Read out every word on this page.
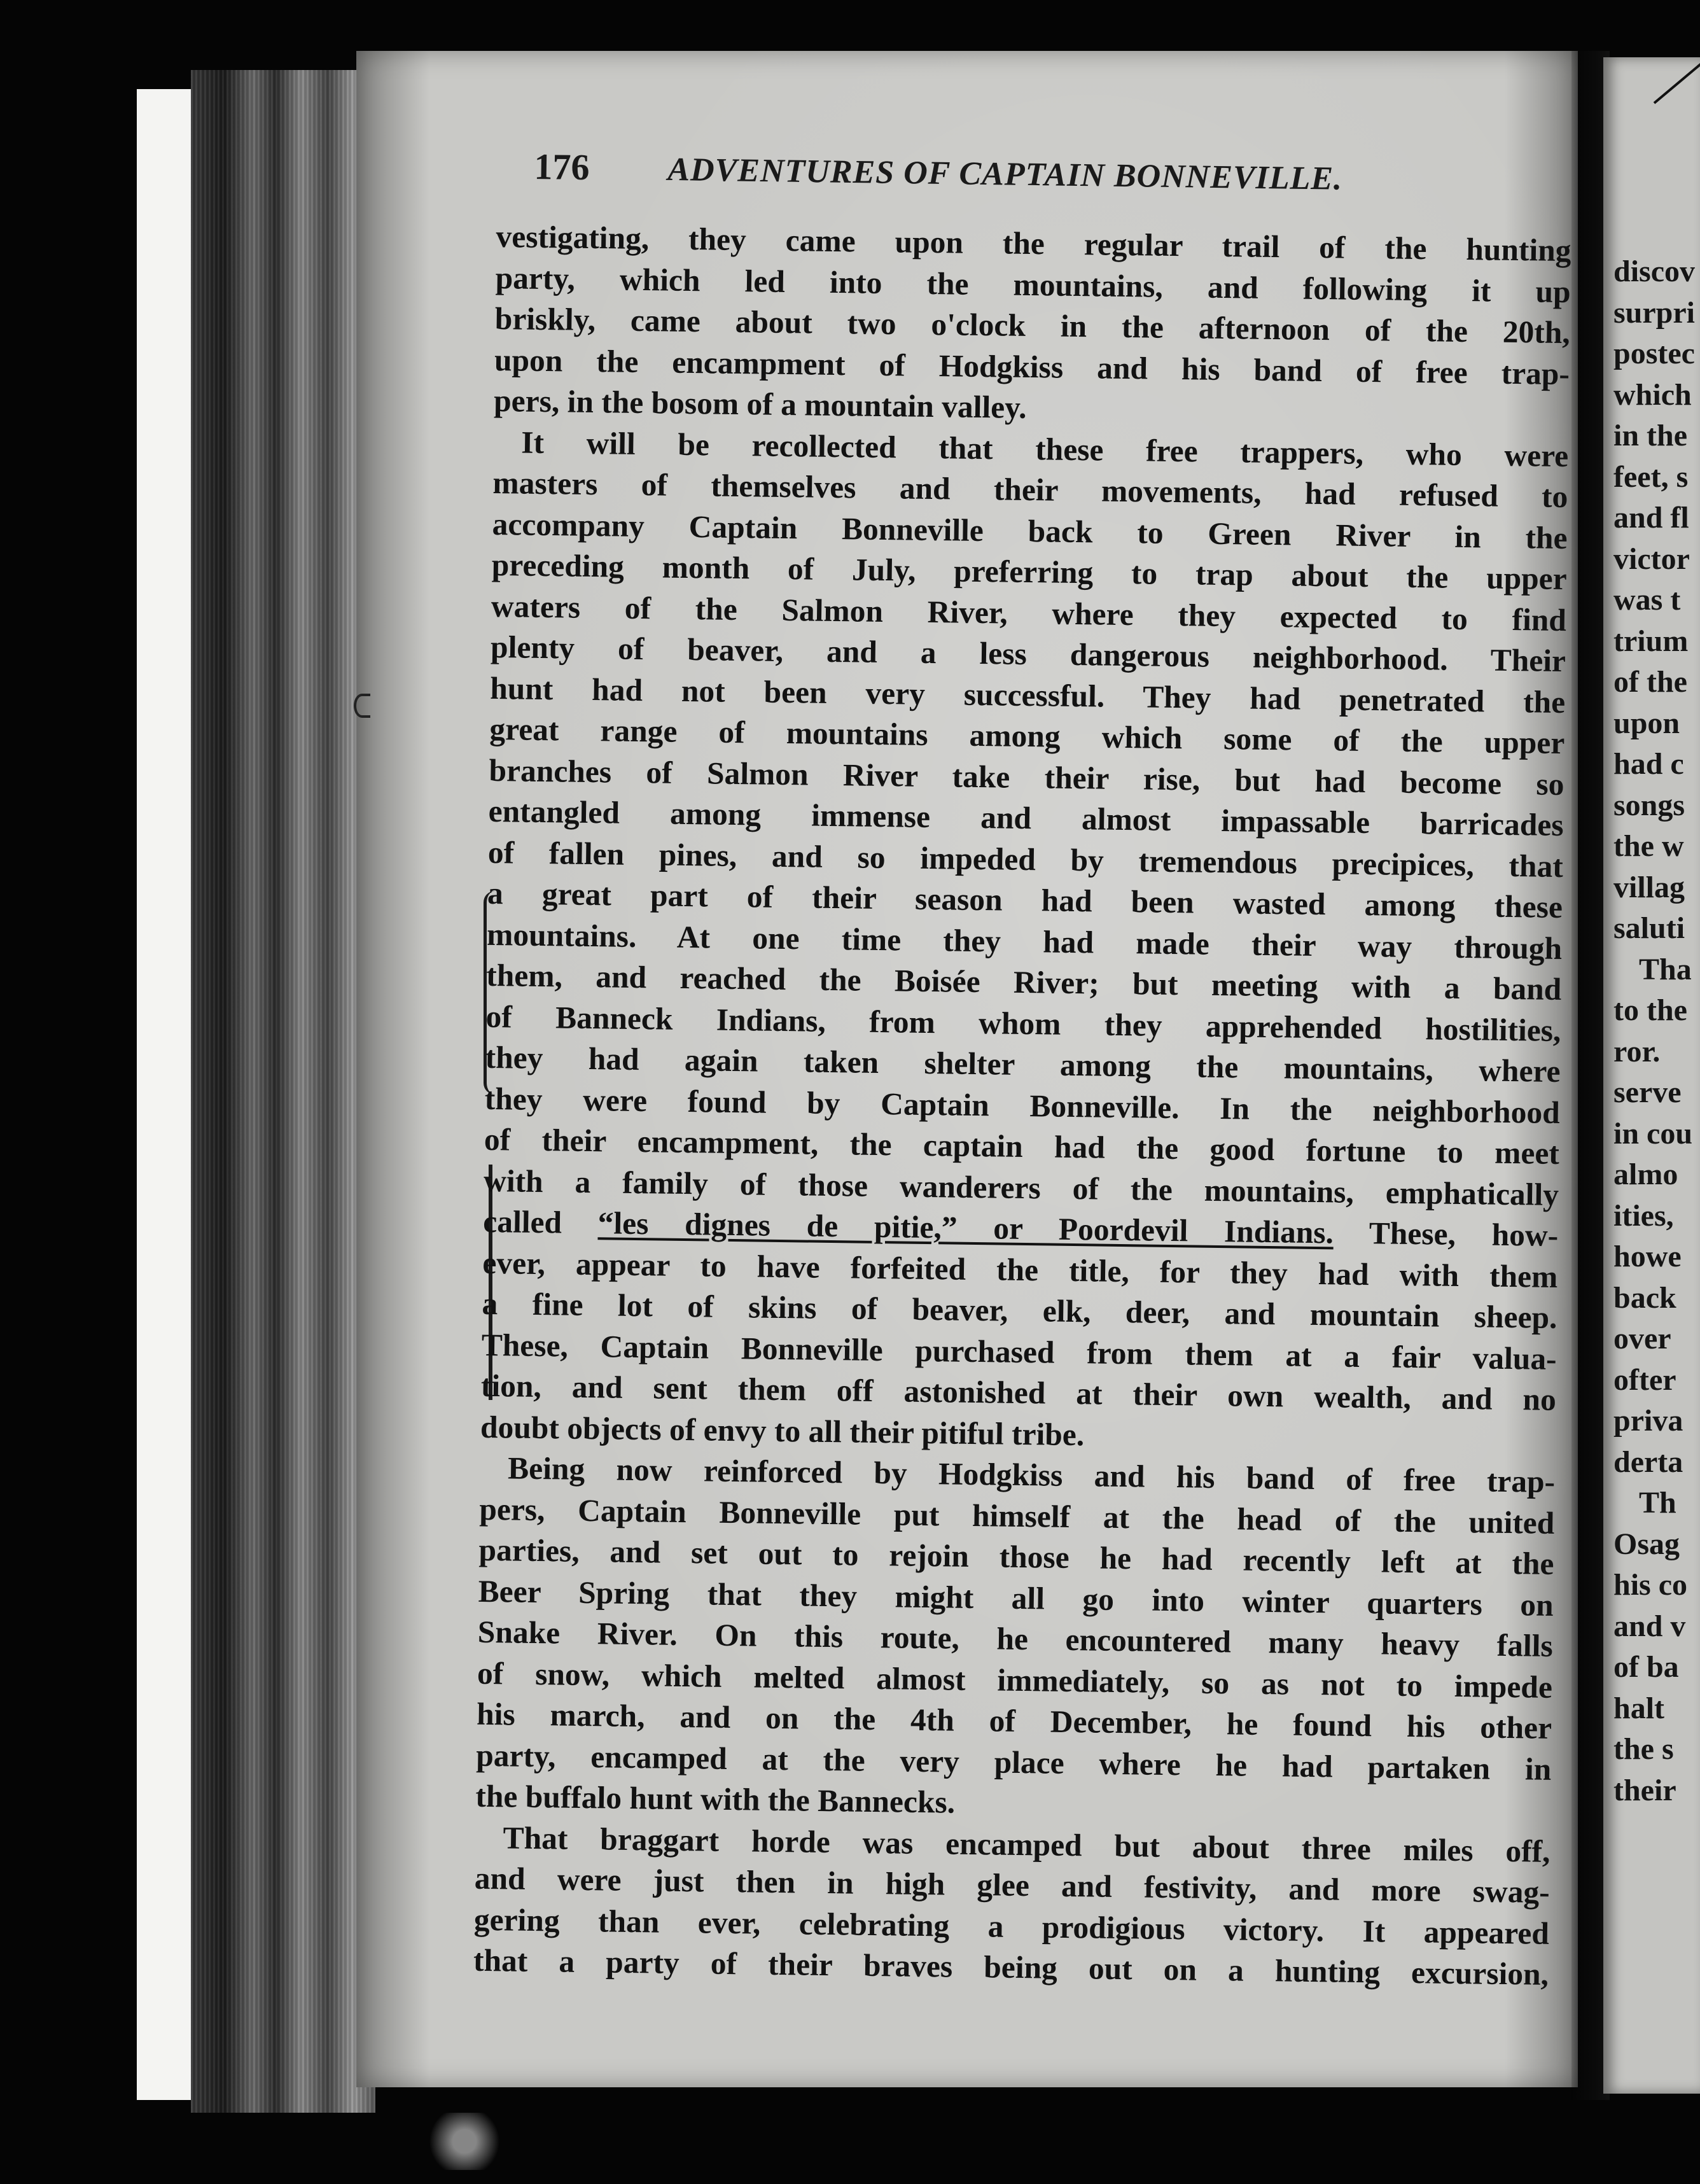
176 ADVENTURES OF CAPTAIN BONNEVILLE.
vestigating, they came upon the regular trail of the hunting
party, which led into the mountains, and following it up
briskly, came about two o'clock in the afternoon of the 20th,
upon the encampment of Hodgkiss and his band of free trap-
pers, in the bosom of a mountain valley.
It will be recollected that these free trappers, who were
masters of themselves and their movements, had refused to
accompany Captain Bonneville back to Green River in the
preceding month of July, preferring to trap about the upper
waters of the Salmon River, where they expected to find
plenty of beaver, and a less dangerous neighborhood. Their
hunt had not been very successful. They had penetrated the
great range of mountains among which some of the upper
branches of Salmon River take their rise, but had become so
entangled among immense and almost impassable barricades
of fallen pines, and so impeded by tremendous precipices, that
a great part of their season had been wasted among these
mountains. At one time they had made their way through
them, and reached the Boisée River; but meeting with a band
of Banneck Indians, from whom they apprehended hostilities,
they had again taken shelter among the mountains, where
they were found by Captain Bonneville. In the neighborhood
of their encampment, the captain had the good fortune to meet
with a family of those wanderers of the mountains, emphatically
called “les dignes de pitie,” or Poordevil Indians. These, how-
ever, appear to have forfeited the title, for they had with them
a fine lot of skins of beaver, elk, deer, and mountain sheep.
These, Captain Bonneville purchased from them at a fair valua-
tion, and sent them off astonished at their own wealth, and no
doubt objects of envy to all their pitiful tribe.
Being now reinforced by Hodgkiss and his band of free trap-
pers, Captain Bonneville put himself at the head of the united
parties, and set out to rejoin those he had recently left at the
Beer Spring that they might all go into winter quarters on
Snake River. On this route, he encountered many heavy falls
of snow, which melted almost immediately, so as not to impede
his march, and on the 4th of December, he found his other
party, encamped at the very place where he had partaken in
the buffalo hunt with the Bannecks.
That braggart horde was encamped but about three miles off,
and were just then in high glee and festivity, and more swag-
gering than ever, celebrating a prodigious victory. It appeared
that a party of their braves being out on a hunting excursion,
discov
surpri
postec
which
in the
feet, s
and fl
victor
was t
trium
of the
upon
had c
songs
the w
villag
saluti
Tha
to the
ror.
serve
in cou
almo
ities,
howe
back
over
ofter
priva
derta
Th
Osag
his co
and v
of ba
halt
the s
their
